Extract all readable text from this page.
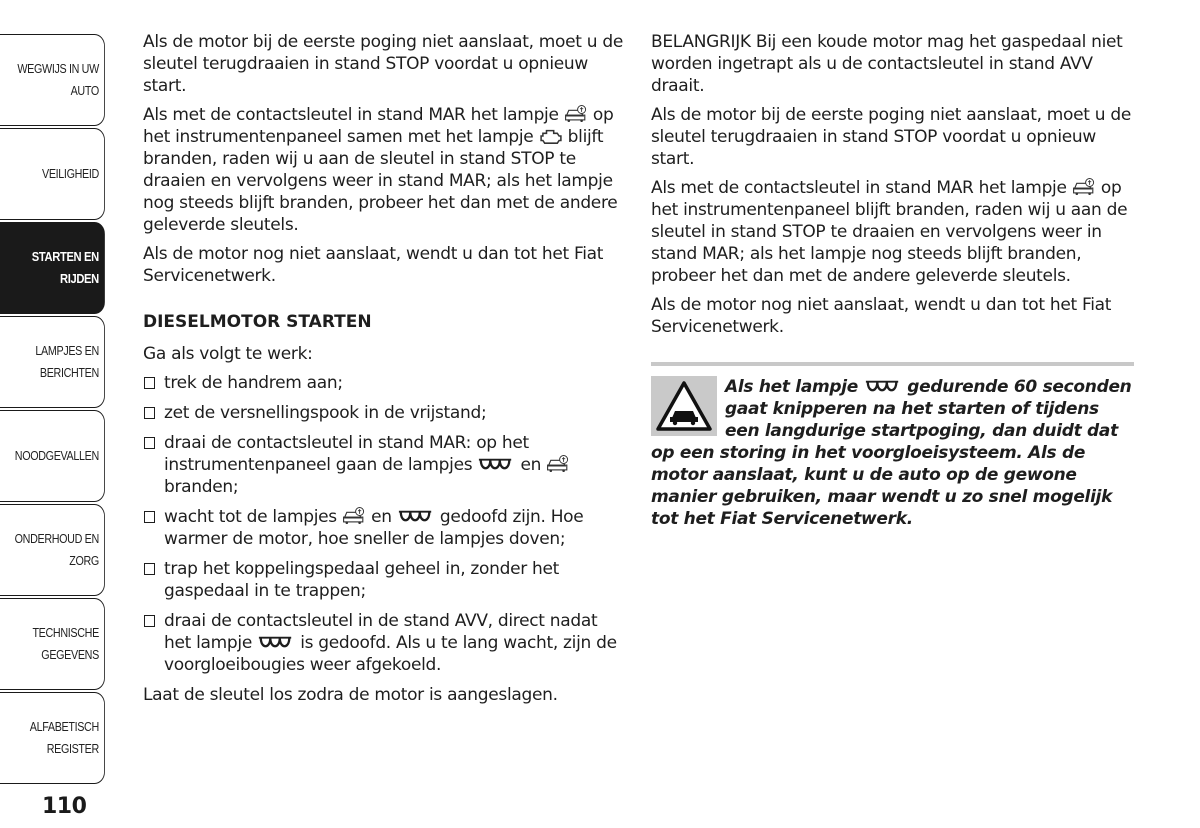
WEGWIJS IN UW
AUTO
VEILIGHEID
STARTEN EN
RIJDEN
LAMPJES EN
BERICHTEN
NOODGEVALLEN
ONDERHOUD EN
ZORG
TECHNISCHE
GEGEVENS
ALFABETISCH
REGISTER
110

Als de motor bij de eerste poging niet aanslaat, moet u de sleutel terugdraaien in stand STOP voordat u opnieuw start.

Als met de contactsleutel in stand MAR het lampje op het instrumentenpaneel samen met het lampje blijft branden, raden wij u aan de sleutel in stand STOP te draaien en vervolgens weer in stand MAR; als het lampje nog steeds blijft branden, probeer het dan met de andere geleverde sleutels.

Als de motor nog niet aanslaat, wendt u dan tot het Fiat Servicenetwerk.

DIESELMOTOR STARTEN

Ga als volgt te werk:

trek de handrem aan;
zet de versnellingspook in de vrijstand;
draai de contactsleutel in stand MAR: op het instrumentenpaneel gaan de lampjes	en  branden;
wacht tot de lampjes en	gedoofd zijn. Hoe warmer de motor, hoe sneller de lampjes doven;
trap het koppelingspedaal geheel in, zonder het gaspedaal in te trappen;
draai de contactsleutel in de stand AVV, direct nadat het lampje	is gedoofd. Als u te lang wacht, zijn de voorgloeibougies weer afgekoeld.

Laat de sleutel los zodra de motor is aangeslagen.

BELANGRIJK Bij een koude motor mag het gaspedaal niet worden ingetrapt als u de contactsleutel in stand AVV draait.

Als de motor bij de eerste poging niet aanslaat, moet u de sleutel terugdraaien in stand STOP voordat u opnieuw start.

Als met de contactsleutel in stand MAR het lampje op het instrumentenpaneel blijft branden, raden wij u aan de sleutel in stand STOP te draaien en vervolgens weer in stand MAR; als het lampje nog steeds blijft branden, probeer het dan met de andere geleverde sleutels.

Als de motor nog niet aanslaat, wendt u dan tot het Fiat Servicenetwerk.

Als het lampje	gedurende 60 seconden gaat knipperen na het starten of tijdens een langdurige startpoging, dan duidt dat op een storing in het voorgloeisysteem. Als de motor aanslaat, kunt u de auto op de gewone manier gebruiken, maar wendt u zo snel mogelijk tot het Fiat Servicenetwerk.
